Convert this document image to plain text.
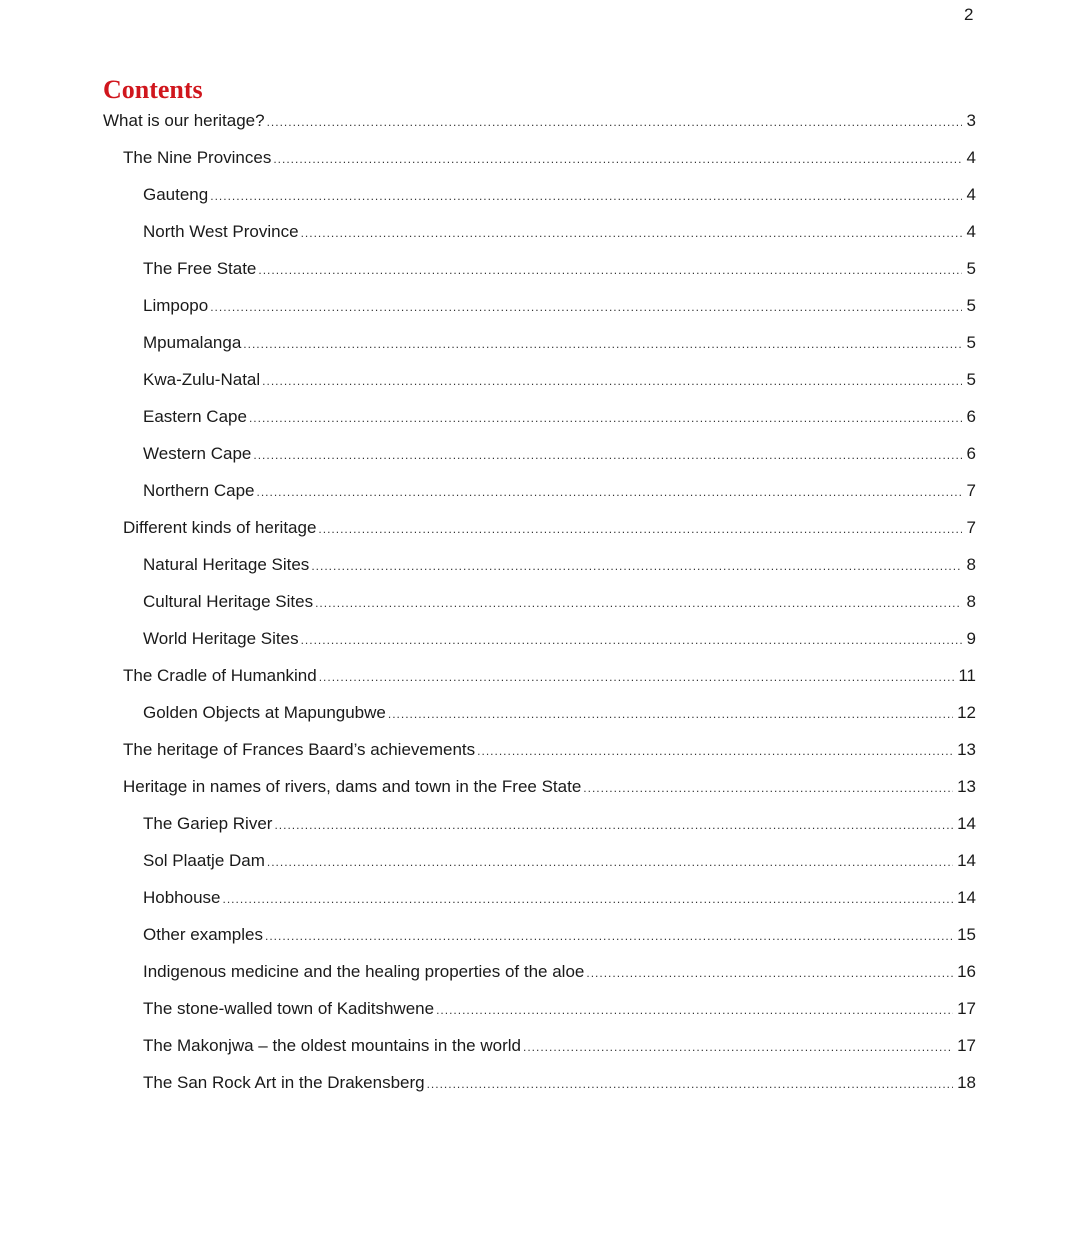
2
Contents
What is our heritage? .....	3
The Nine Provinces .....	4
Gauteng .....	4
North West Province .....	4
The Free State .....	5
Limpopo .....	5
Mpumalanga .....	5
Kwa-Zulu-Natal .....	5
Eastern Cape .....	6
Western Cape .....	6
Northern Cape .....	7
Different kinds of heritage .....	7
Natural Heritage Sites .....	8
Cultural Heritage Sites .....	8
World Heritage Sites .....	9
The Cradle of Humankind .....	11
Golden Objects at Mapungubwe .....	12
The heritage of Frances Baard’s achievements .....	13
Heritage in names of rivers, dams and town in the Free State .....	13
The Gariep River .....	14
Sol Plaatje Dam .....	14
Hobhouse .....	14
Other examples .....	15
Indigenous medicine and the healing properties of the aloe .....	16
The stone-walled town of Kaditshwene .....	17
The Makonjwa – the oldest mountains in the world .....	17
The San Rock Art in the Drakensberg .....	18
